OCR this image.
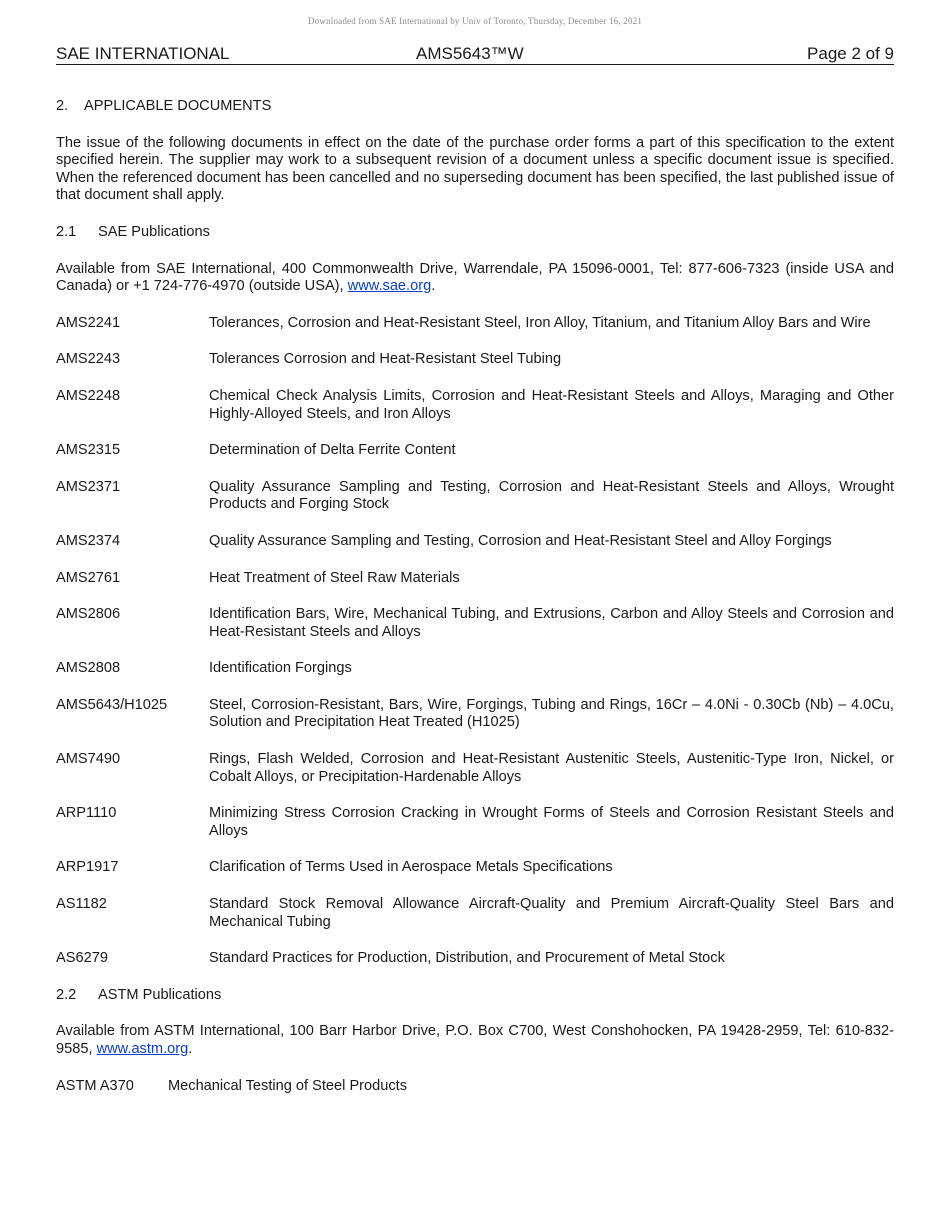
Downloaded from SAE International by Univ of Toronto, Thursday, December 16, 2021
SAE INTERNATIONAL	AMS5643™W	Page 2 of 9
2. APPLICABLE DOCUMENTS

The issue of the following documents in effect on the date of the purchase order forms a part of this specification to the extent specified herein. The supplier may work to a subsequent revision of a document unless a specific document issue is specified. When the referenced document has been cancelled and no superseding document has been specified, the last published issue of that document shall apply.

2.1 SAE Publications

Available from SAE International, 400 Commonwealth Drive, Warrendale, PA 15096-0001, Tel: 877-606-7323 (inside USA and Canada) or +1 724-776-4970 (outside USA), www.sae.org.

AMS2241	Tolerances, Corrosion and Heat-Resistant Steel, Iron Alloy, Titanium, and Titanium Alloy Bars and Wire
AMS2243	Tolerances Corrosion and Heat-Resistant Steel Tubing
AMS2248	Chemical Check Analysis Limits, Corrosion and Heat-Resistant Steels and Alloys, Maraging and Other Highly-Alloyed Steels, and Iron Alloys
AMS2315	Determination of Delta Ferrite Content
AMS2371	Quality Assurance Sampling and Testing, Corrosion and Heat-Resistant Steels and Alloys, Wrought Products and Forging Stock
AMS2374	Quality Assurance Sampling and Testing, Corrosion and Heat-Resistant Steel and Alloy Forgings
AMS2761	Heat Treatment of Steel Raw Materials
AMS2806	Identification Bars, Wire, Mechanical Tubing, and Extrusions, Carbon and Alloy Steels and Corrosion and Heat-Resistant Steels and Alloys
AMS2808	Identification Forgings
AMS5643/H1025	Steel, Corrosion-Resistant, Bars, Wire, Forgings, Tubing and Rings, 16Cr – 4.0Ni - 0.30Cb (Nb) – 4.0Cu, Solution and Precipitation Heat Treated (H1025)
AMS7490	Rings, Flash Welded, Corrosion and Heat-Resistant Austenitic Steels, Austenitic-Type Iron, Nickel, or Cobalt Alloys, or Precipitation-Hardenable Alloys
ARP1110	Minimizing Stress Corrosion Cracking in Wrought Forms of Steels and Corrosion Resistant Steels and Alloys
ARP1917	Clarification of Terms Used in Aerospace Metals Specifications
AS1182	Standard Stock Removal Allowance Aircraft-Quality and Premium Aircraft-Quality Steel Bars and Mechanical Tubing
AS6279	Standard Practices for Production, Distribution, and Procurement of Metal Stock
2.2 ASTM Publications

Available from ASTM International, 100 Barr Harbor Drive, P.O. Box C700, West Conshohocken, PA 19428-2959, Tel: 610-832-9585, www.astm.org.

ASTM A370	Mechanical Testing of Steel Products
